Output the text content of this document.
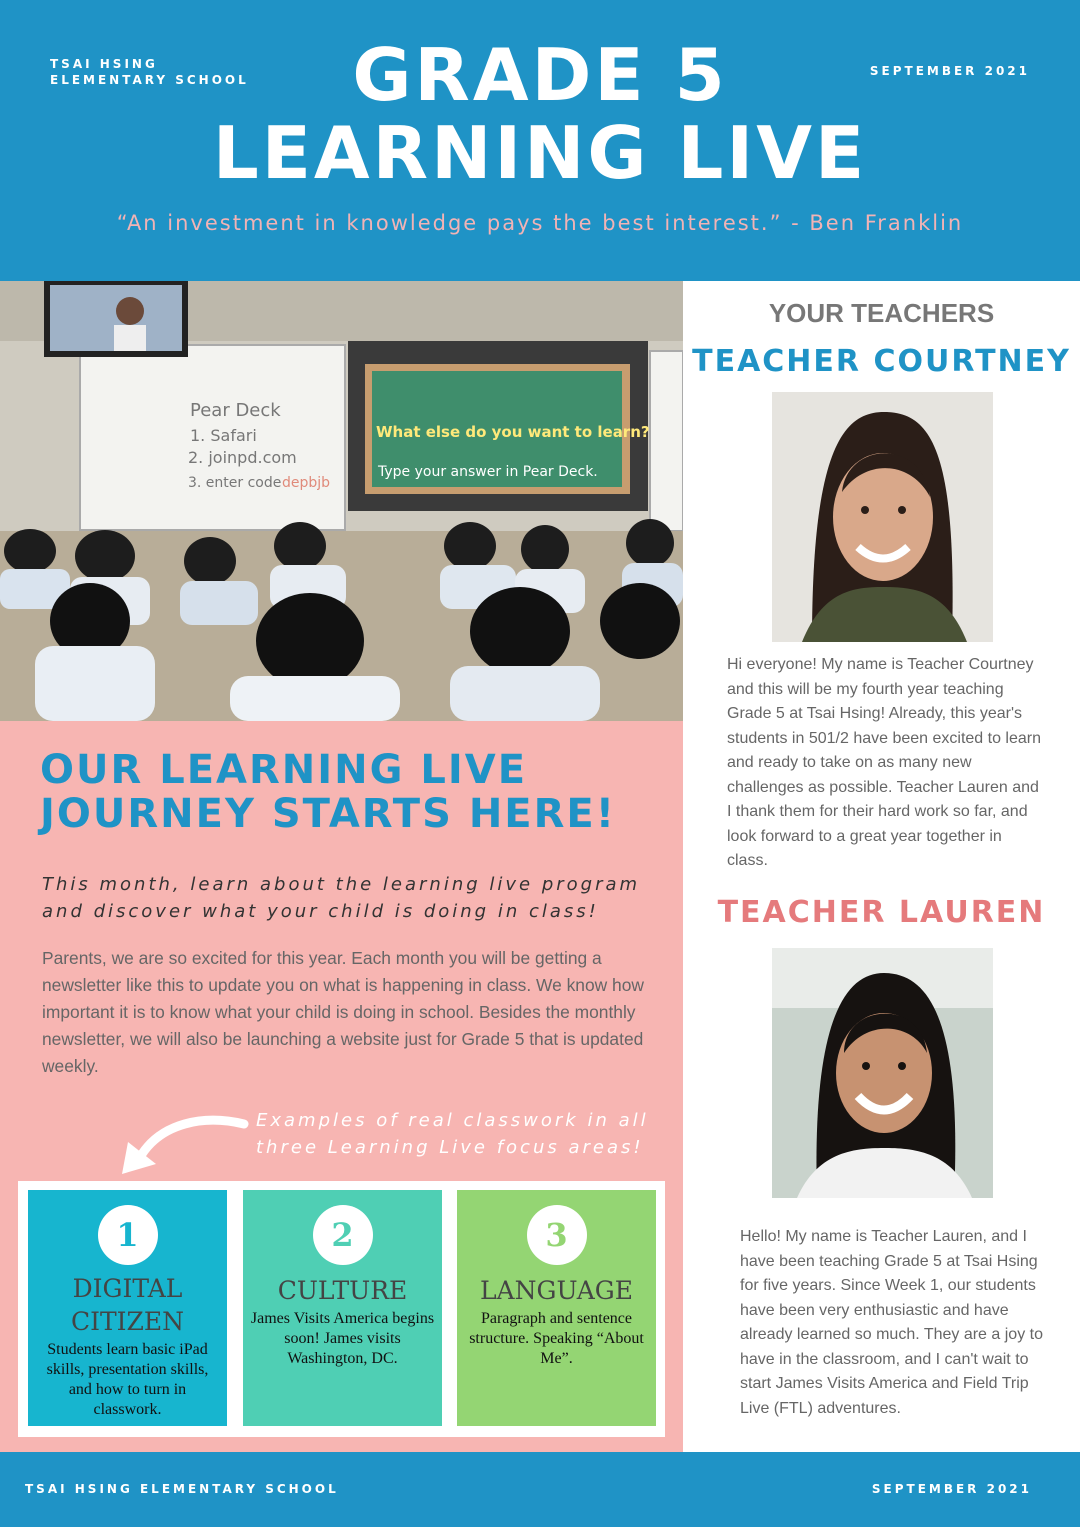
TSAI HSING
ELEMENTARY SCHOOL
SEPTEMBER 2021
GRADE 5
LEARNING LIVE
“An investment in knowledge pays the best interest.” - Ben Franklin
Pear Deck
1. Safari
2. joinpd.com
3. enter code depbjb
What else do you want to learn?
Type your answer in Pear Deck.
OUR LEARNING LIVE
JOURNEY STARTS HERE!

This month, learn about the learning live program and discover what your child is doing in class!

Parents, we are so excited for this year. Each month you will be getting a newsletter like this to update you on what is happening in class. We know how important it is to know what your child is doing in school. Besides the monthly newsletter, we will also be launching a website just for Grade 5 that is updated weekly.

Examples of real classwork in all three Learning Live focus areas!

1
DIGITAL
CITIZEN
Students learn basic iPad skills, presentation skills, and how to turn in classwork.
2
CULTURE
James Visits America begins soon! James visits Washington, DC.
3
LANGUAGE
Paragraph and sentence structure. Speaking “About Me”.
YOUR TEACHERS
TEACHER COURTNEY

Hi everyone! My name is Teacher Courtney and this will be my fourth year teaching Grade 5 at Tsai Hsing! Already, this year's students in 501/2 have been excited to learn and ready to take on as many new challenges as possible. Teacher Lauren and I thank them for their hard work so far, and look forward to a great year together in class.

TEACHER LAUREN

Hello! My name is Teacher Lauren, and I have been teaching Grade 5 at Tsai Hsing for five years. Since Week 1, our students have been very enthusiastic and have already learned so much. They are a joy to have in the classroom, and I can't wait to start James Visits America and Field Trip Live (FTL) adventures.

TSAI HSING ELEMENTARY SCHOOL	SEPTEMBER 2021
